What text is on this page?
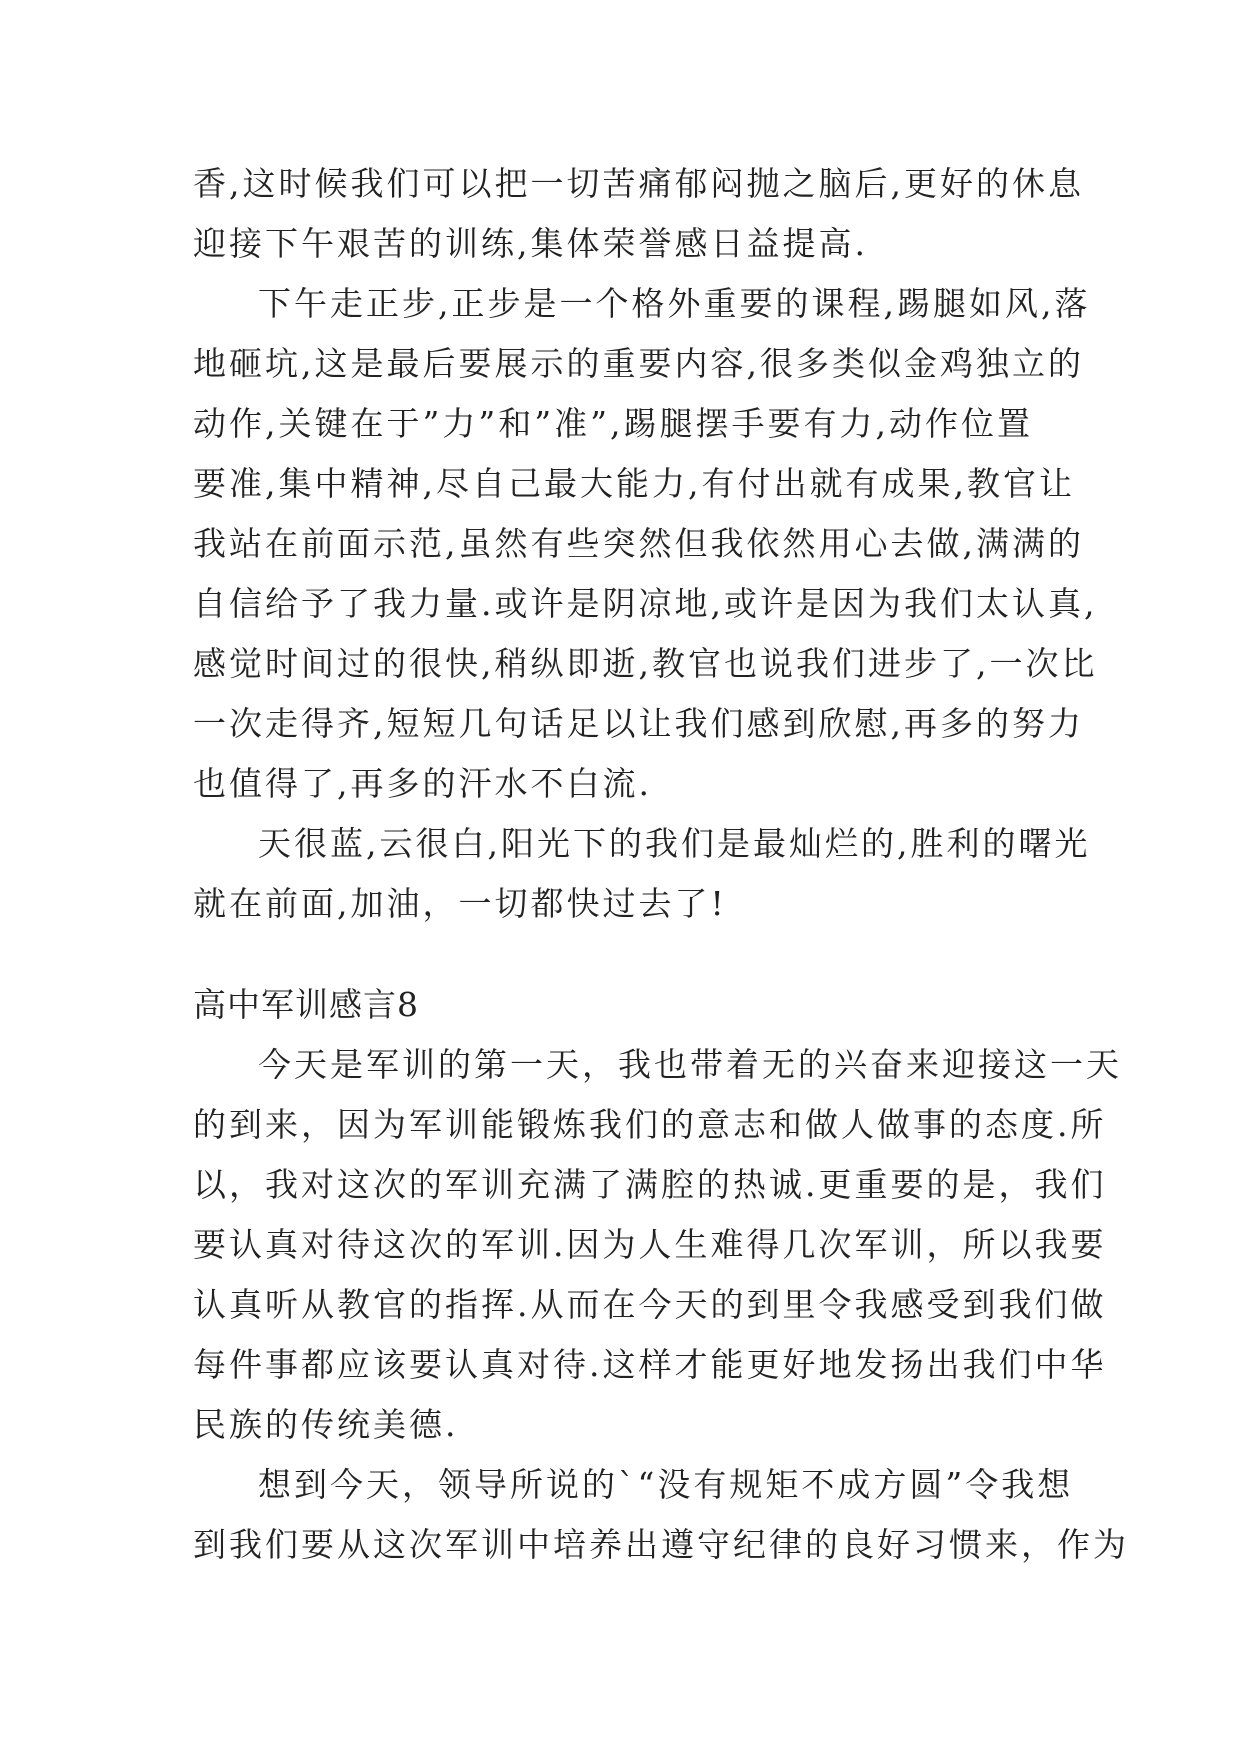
香,这时候我们可以把一切苦痛郁闷抛之脑后,更好的休息
迎接下午艰苦的训练,集体荣誉感日益提高.
下午走正步,正步是一个格外重要的课程,踢腿如风,落
地砸坑,这是最后要展示的重要内容,很多类似金鸡独立的
动作,关键在于”力”和”准”,踢腿摆手要有力,动作位置
要准,集中精神,尽自己最大能力,有付出就有成果,教官让
我站在前面示范,虽然有些突然但我依然用心去做,满满的
自信给予了我力量.或许是阴凉地,或许是因为我们太认真,
感觉时间过的很快,稍纵即逝,教官也说我们进步了,一次比
一次走得齐,短短几句话足以让我们感到欣慰,再多的努力
也值得了,再多的汗水不白流.
天很蓝,云很白,阳光下的我们是最灿烂的,胜利的曙光
就在前面,加油，一切都快过去了!
高中军训感言8
今天是军训的第一天，我也带着无的兴奋来迎接这一天
的到来，因为军训能锻炼我们的意志和做人做事的态度.所
以，我对这次的军训充满了满腔的热诚.更重要的是，我们
要认真对待这次的军训.因为人生难得几次军训，所以我要
认真听从教官的指挥.从而在今天的到里令我感受到我们做
每件事都应该要认真对待.这样才能更好地发扬出我们中华
民族的传统美德.
想到今天，领导所说的`“没有规矩不成方圆”令我想
到我们要从这次军训中培养出遵守纪律的良好习惯来，作为
